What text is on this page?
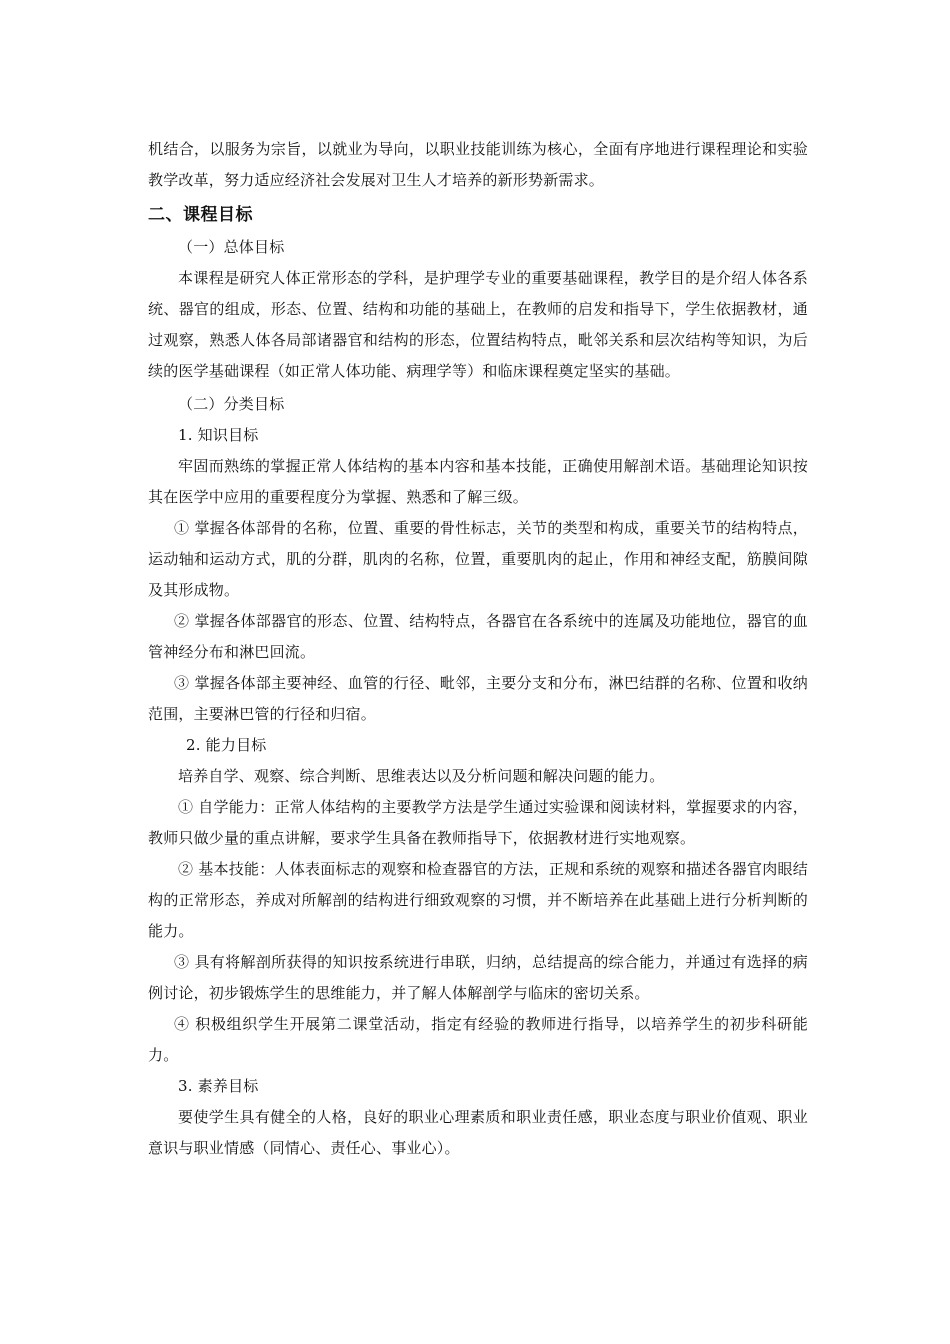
机结合，以服务为宗旨，以就业为导向，以职业技能训练为核心，全面有序地进行课程理论和实验教学改革，努力适应经济社会发展对卫生人才培养的新形势新需求。

二、课程目标

（一）总体目标

本课程是研究人体正常形态的学科，是护理学专业的重要基础课程，教学目的是介绍人体各系统、器官的组成，形态、位置、结构和功能的基础上，在教师的启发和指导下，学生依据教材，通过观察，熟悉人体各局部诸器官和结构的形态，位置结构特点，毗邻关系和层次结构等知识，为后续的医学基础课程（如正常人体功能、病理学等）和临床课程奠定坚实的基础。

（二）分类目标

1. 知识目标

牢固而熟练的掌握正常人体结构的基本内容和基本技能，正确使用解剖术语。基础理论知识按其在医学中应用的重要程度分为掌握、熟悉和了解三级。

① 掌握各体部骨的名称，位置、重要的骨性标志，关节的类型和构成，重要关节的结构特点，运动轴和运动方式，肌的分群，肌肉的名称，位置，重要肌肉的起止，作用和神经支配，筋膜间隙及其形成物。

② 掌握各体部器官的形态、位置、结构特点，各器官在各系统中的连属及功能地位，器官的血管神经分布和淋巴回流。

③ 掌握各体部主要神经、血管的行径、毗邻，主要分支和分布，淋巴结群的名称、位置和收纳范围，主要淋巴管的行径和归宿。

2. 能力目标

培养自学、观察、综合判断、思维表达以及分析问题和解决问题的能力。

① 自学能力：正常人体结构的主要教学方法是学生通过实验课和阅读材料，掌握要求的内容，教师只做少量的重点讲解，要求学生具备在教师指导下，依据教材进行实地观察。

② 基本技能：人体表面标志的观察和检查器官的方法，正规和系统的观察和描述各器官肉眼结构的正常形态，养成对所解剖的结构进行细致观察的习惯，并不断培养在此基础上进行分析判断的能力。

③ 具有将解剖所获得的知识按系统进行串联，归纳，总结提高的综合能力，并通过有选择的病例讨论，初步锻炼学生的思维能力，并了解人体解剖学与临床的密切关系。

④ 积极组织学生开展第二课堂活动，指定有经验的教师进行指导，以培养学生的初步科研能力。

3. 素养目标

要使学生具有健全的人格，良好的职业心理素质和职业责任感，职业态度与职业价值观、职业意识与职业情感（同情心、责任心、事业心）。
